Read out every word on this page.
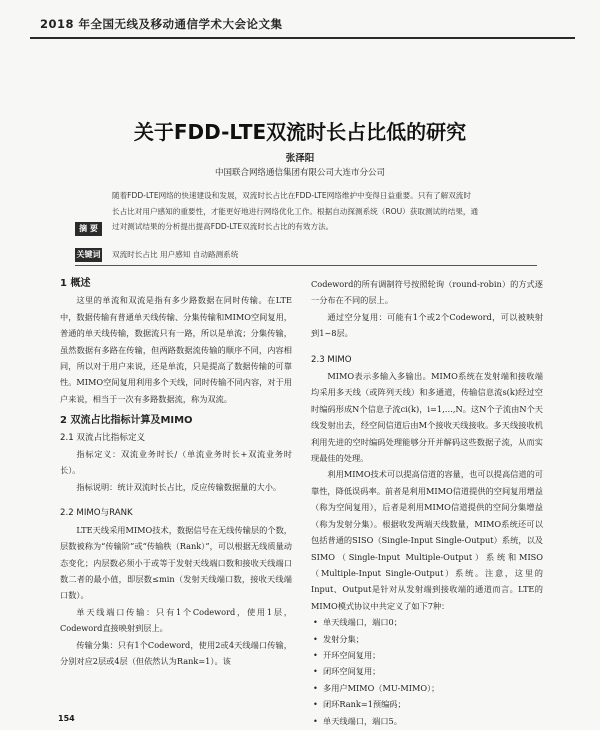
2018 年全国无线及移动通信学术大会论文集
关于FDD-LTE双流时长占比低的研究
张泽阳
中国联合网络通信集团有限公司大连市分公司
摘 要
随着FDD-LTE网络的快速建设和发展，双流时长占比在FDD-LTE网络维护中变得日益重要。只有了解双流时
长占比对用户感知的重要性，才能更好地进行网络优化工作。根据自动探测系统（ROU）获取测试的结果，通
过对测试结果的分析提出提高FDD-LTE双流时长占比的有效方法。
关键词 双流时长占比 用户感知 自动路测系统
1 概述

这里的单流和双流是指有多少路数据在同时传输。在LTE中，数据传输有普通单天线传输、分集传输和MIMO空间复用，普通的单天线传输，数据流只有一路，所以是单流；分集传输，虽然数据有多路在传输，但两路数据流传输的顺序不同，内容相同，所以对于用户来说，还是单流，只是提高了数据传输的可靠性。MIMO空间复用利用多个天线，同时传输不同内容，对于用户来说，相当于一次有多路数据流，称为双流。

2 双流占比指标计算及MIMO
2.1 双流占比指标定义

指标定义：双流业务时长/（单流业务时长+双流业务时长）。

指标说明：统计双流时长占比，反应传输数据量的大小。

2.2 MIMO与RANK

LTE天线采用MIMO技术，数据信号在无线传输层的个数，层数被称为“传输阶”或“传输秩（Rank）”，可以根据无线质量动态变化；内层数必须小于或等于发射天线端口数和接收天线端口数二者的最小值，即层数≤min（发射天线端口数，接收天线端口数）。

单天线端口传输：只有1个Codeword，使用1层，Codeword直接映射到层上。

传输分集：只有1个Codeword，使用2或4天线端口传输，分别对应2层或4层（但依然认为Rank=1）。该

Codeword的所有调制符号按照轮询（round-robin）的方式逐一分布在不同的层上。

通过空分复用：可能有1个或2个Codeword，可以被映射到1~8层。

2.3 MIMO

MIMO表示多输入多输出。MIMO系统在发射端和接收端均采用多天线（或阵列天线）和多通道，传输信息流s(k)经过空时编码形成N个信息子流ci(k)，i=1,…,N。这N个子流由N个天线发射出去，经空间信道后由M个接收天线接收。多天线接收机利用先进的空时编码处理能够分开并解码这些数据子流，从而实现最佳的处理。

利用MIMO技术可以提高信道的容量，也可以提高信道的可靠性，降低误码率。前者是利用MIMO信道提供的空间复用增益（称为空间复用），后者是利用MIMO信道提供的空间分集增益（称为发射分集）。根据收发两端天线数量，MIMO系统还可以包括普通的SISO（Single-Input Single-Output）系统，以及SIMO（Single-Input Multiple-Output）系统和MISO（Multiple-Input Single-Output）系统。注意，这里的Input、Output是针对从发射端到接收端的通道而言。LTE的MIMO模式协议中共定义了如下7种：

• 单天线端口，端口0；
• 发射分集；
• 开环空间复用；
• 闭环空间复用；
• 多用户MIMO（MU-MIMO）；
• 闭环Rank=1预编码；
• 单天线端口，端口5。
154
